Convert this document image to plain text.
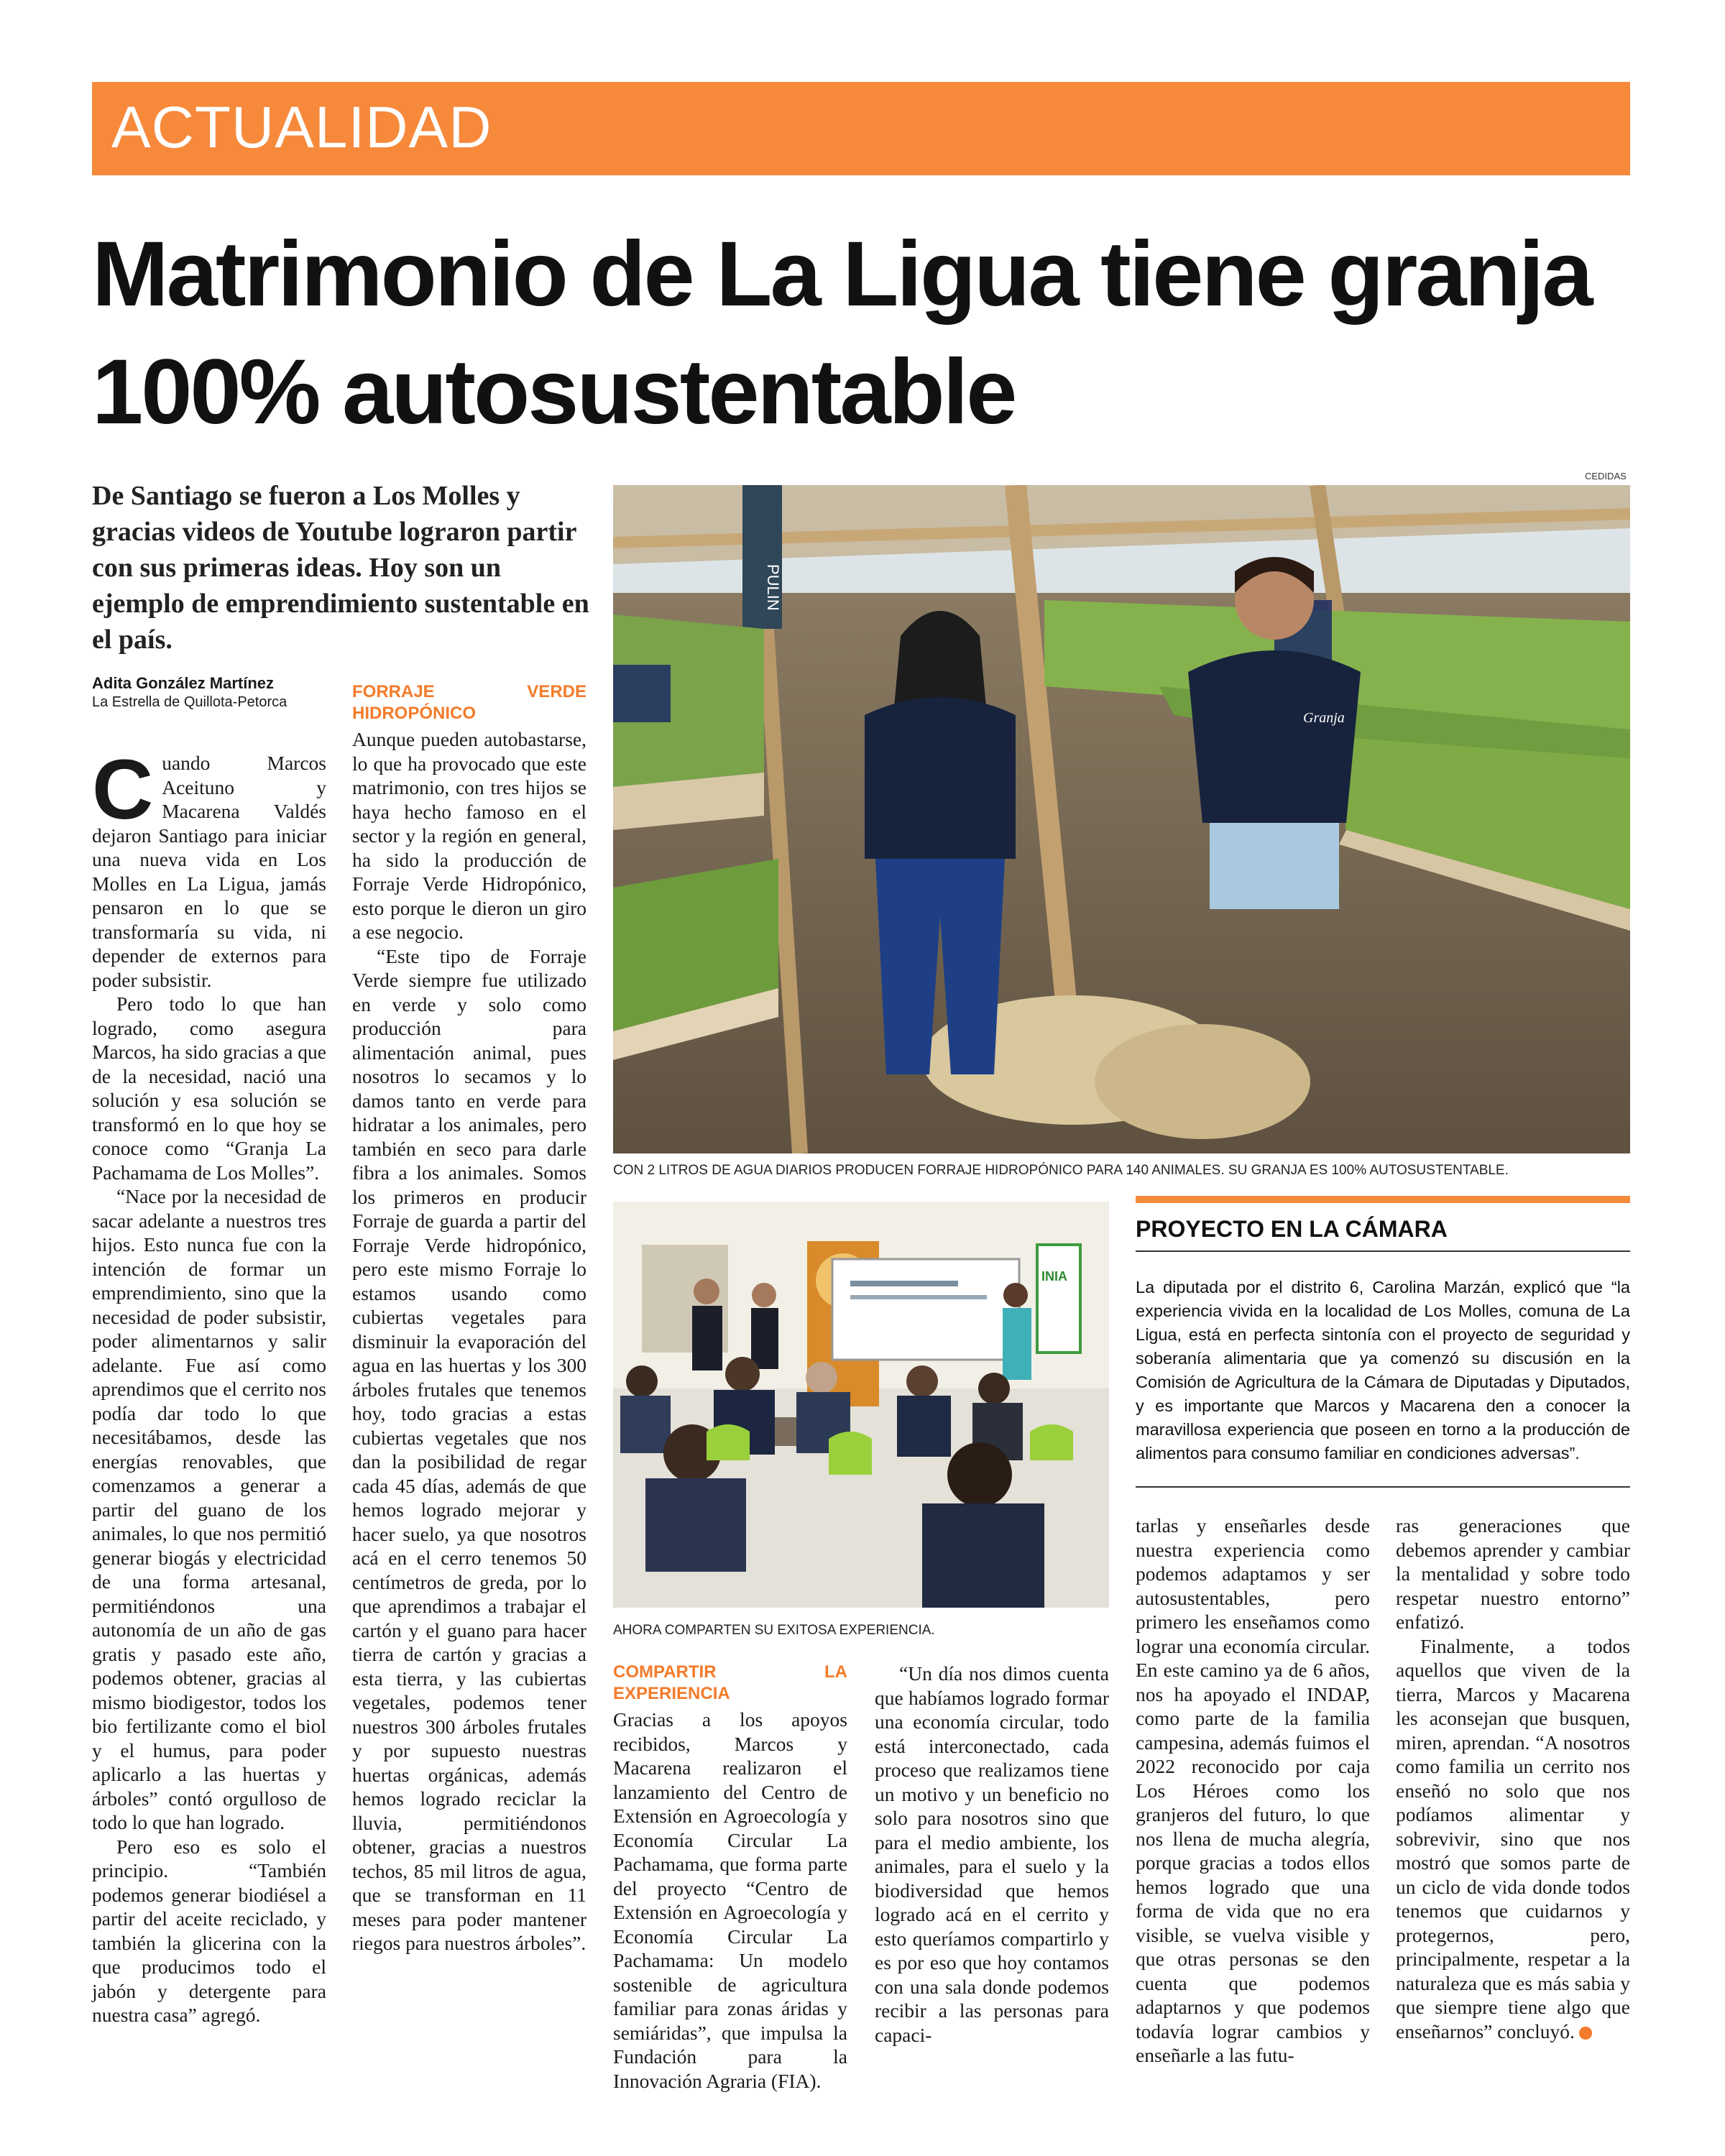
ACTUALIDAD
Matrimonio de La Ligua tiene granja 100% autosustentable
De Santiago se fueron a Los Molles y gracias videos de Youtube lograron partir con sus primeras ideas. Hoy son un ejemplo de emprendimiento sustentable en el país.
Adita González Martínez
La Estrella de Quillota-Petorca
CEDIDAS
PULIN
Granja
CON 2 LITROS DE AGUA DIARIOS PRODUCEN FORRAJE HIDROPÓNICO PARA 140 ANIMALES. SU GRANJA ES 100% AUTOSUSTENTABLE.
INIA
AHORA COMPARTEN SU EXITOSA EXPERIENCIA.
PROYECTO EN LA CÁMARA
La diputada por el distrito 6, Carolina Marzán, explicó que “la experiencia vivida en la localidad de Los Molles, comuna de La Ligua, está en perfecta sintonía con el proyecto de seguridad y soberanía alimentaria que ya comenzó su discusión en la Comisión de Agricultura de la Cámara de Diputadas y Diputados, y es importante que Marcos y Macarena den a conocer la maravillosa experiencia que poseen en torno a la producción de alimentos para consumo familiar en condiciones adversas”.

Cuando Marcos Aceituno y Macarena Valdés dejaron Santiago para iniciar una nueva vida en Los Molles en La Ligua, jamás pensaron en lo que se transformaría su vida, ni depender de externos para poder subsistir.

Pero todo lo que han logrado, como asegura Marcos, ha sido gracias a que de la necesidad, nació una solución y esa solución se transformó en lo que hoy se conoce como “Granja La Pachamama de Los Molles”.

“Nace por la necesidad de sacar adelante a nuestros tres hijos. Esto nunca fue con la intención de formar un emprendimiento, sino que la necesidad de poder subsistir, poder alimentarnos y salir adelante. Fue así como aprendimos que el cerrito nos podía dar todo lo que necesitábamos, desde las energías renovables, que comenzamos a generar a partir del guano de los animales, lo que nos permitió generar biogás y electricidad de una forma artesanal, permitiéndonos una autonomía de un año de gas gratis y pasado este año, podemos obtener, gracias al mismo biodigestor, todos los bio fertilizante como el biol y el humus, para poder aplicarlo a las huertas y árboles” contó orgulloso de todo lo que han logrado.

Pero eso es solo el principio. “También podemos generar biodiésel a partir del aceite reciclado, y también la glicerina con la que producimos todo el jabón y detergente para nuestra casa” agregó.

FORRAJE VERDE HIDROPÓNICO

Aunque pueden autobastarse, lo que ha provocado que este matrimonio, con tres hijos se haya hecho famoso en el sector y la región en general, ha sido la producción de Forraje Verde Hidropónico, esto porque le dieron un giro a ese negocio.

“Este tipo de Forraje Verde siempre fue utilizado en verde y solo como producción para alimentación animal, pues nosotros lo secamos y lo damos tanto en verde para hidratar a los animales, pero también en seco para darle fibra a los animales. Somos los primeros en producir Forraje de guarda a partir del Forraje Verde hidropónico, pero este mismo Forraje lo estamos usando como cubiertas vegetales para disminuir la evaporación del agua en las huertas y los 300 árboles frutales que tenemos hoy, todo gracias a estas cubiertas vegetales que nos dan la posibilidad de regar cada 45 días, además de que hemos logrado mejorar y hacer suelo, ya que nosotros acá en el cerro tenemos 50 centímetros de greda, por lo que aprendimos a trabajar el cartón y el guano para hacer tierra de cartón y gracias a esta tierra, y las cubiertas vegetales, podemos tener nuestros 300 árboles frutales y por supuesto nuestras huertas orgánicas, además hemos logrado reciclar la lluvia, permitiéndonos obtener, gracias a nuestros techos, 85 mil litros de agua, que se transforman en 11 meses para poder mantener riegos para nuestros árboles”.

COMPARTIR LA EXPERIENCIA

Gracias a los apoyos recibidos, Marcos y Macarena realizaron el lanzamiento del Centro de Extensión en Agroecología y Economía Circular La Pachamama, que forma parte del proyecto “Centro de Extensión en Agroecología y Economía Circular La Pachamama: Un modelo sostenible de agricultura familiar para zonas áridas y semiáridas”, que impulsa la Fundación para la Innovación Agraria (FIA).

“Un día nos dimos cuenta que habíamos logrado formar una economía circular, todo está interconectado, cada proceso que realizamos tiene un motivo y un beneficio no solo para nosotros sino que para el medio ambiente, los animales, para el suelo y la biodiversidad que hemos logrado acá en el cerrito y esto queríamos compartirlo y es por eso que hoy contamos con una sala donde podemos recibir a las personas para capaci-

tarlas y enseñarles desde nuestra experiencia como podemos adaptamos y ser autosustentables, pero primero les enseñamos como lograr una economía circular. En este camino ya de 6 años, nos ha apoyado el INDAP, como parte de la familia campesina, además fuimos el 2022 reconocido por caja Los Héroes como los granjeros del futuro, lo que nos llena de mucha alegría, porque gracias a todos ellos hemos logrado que una forma de vida que no era visible, se vuelva visible y que otras personas se den cuenta que podemos adaptarnos y que podemos todavía lograr cambios y enseñarle a las futu-

ras generaciones que debemos aprender y cambiar la mentalidad y sobre todo respetar nuestro entorno” enfatizó.

Finalmente, a todos aquellos que viven de la tierra, Marcos y Macarena les aconsejan que busquen, miren, aprendan. “A nosotros como familia un cerrito nos enseñó no solo que nos podíamos alimentar y sobrevivir, sino que nos mostró que somos parte de un ciclo de vida donde todos tenemos que cuidarnos y protegernos, pero, principalmente, respetar a la naturaleza que es más sabia y que siempre tiene algo que enseñarnos” concluyó.
